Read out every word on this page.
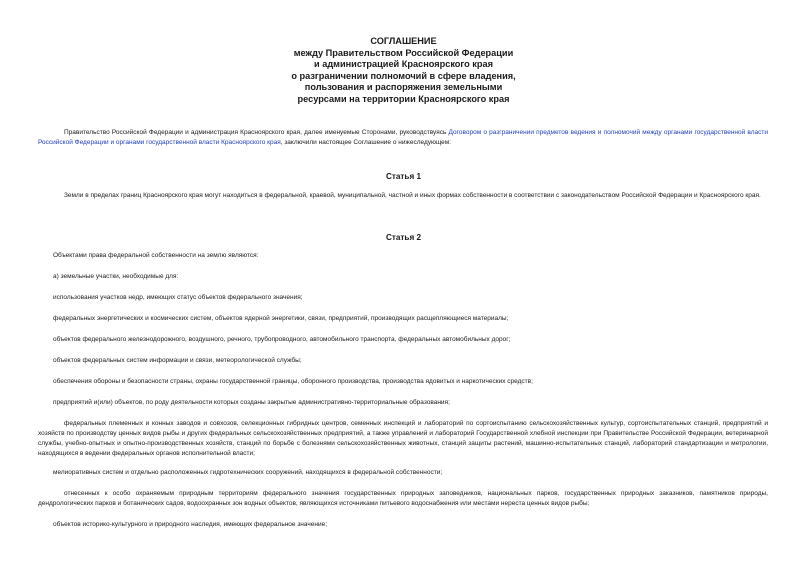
СОГЛАШЕНИЕ
между Правительством Российской Федерации
и администрацией Красноярского края
о разграничении полномочий в сфере владения,
пользования и распоряжения земельными
ресурсами на территории Красноярского края
Правительство Российской Федерации и администрация Красноярского края, далее именуемые Сторонами, руководствуясь Договором о разграничении предметов ведения и полномочий между органами государственной власти Российской Федерации и органами государственной власти Красноярского края, заключили настоящее Соглашение о нижеследующем:
Статья 1
Земли в пределах границ Красноярского края могут находиться в федеральной, краевой, муниципальной, частной и иных формах собственности в соответствии с законодательством Российской Федерации и Красноярского края.
Статья 2
Объектами права федеральной собственности на землю являются:
а) земельные участки, необходимые для:
использования участков недр, имеющих статус объектов федерального значения;
федеральных энергетических и космических систем, объектов ядерной энергетики, связи, предприятий, производящих расщепляющиеся материалы;
объектов федерального железнодорожного, воздушного, речного, трубопроводного, автомобильного транспорта, федеральных автомобильных дорог;
объектов федеральных систем информации и связи, метеорологической службы;
обеспечения обороны и безопасности страны, охраны государственной границы, оборонного производства, производства ядовитых и наркотических средств;
предприятий и(или) объектов, по роду деятельности которых созданы закрытые административно-территориальные образования;
федеральных племенных и конных заводов и совхозов, селекционных гибридных центров, семенных инспекций и лабораторий по сортоиспытанию сельскохозяйственных культур, сортоиспытательных станций, предприятий и хозяйств по производству ценных видов рыбы и других федеральных сельскохозяйственных предприятий, а также управлений и лабораторий Государственной хлебной инспекции при Правительстве Российской Федерации, ветеринарной службы, учебно-опытных и опытно-производственных хозяйств, станций по борьбе с болезнями сельскохозяйственных животных, станций защиты растений, машинно-испытательных станций, лабораторий стандартизации и метрологии, находящихся в ведении федеральных органов исполнительной власти;
мелиоративных систем и отдельно расположенных гидротехнических сооружений, находящихся в федеральной собственности;
отнесенных к особо охраняемым природным территориям федерального значения государственных природных заповедников, национальных парков, государственных природных заказников, памятников природы, дендрологических парков и ботанических садов, водоохранных зон водных объектов, являющихся источниками питьевого водоснабжения или местами нереста ценных видов рыбы;
объектов историко-культурного и природного наследия, имеющих федеральное значение;
